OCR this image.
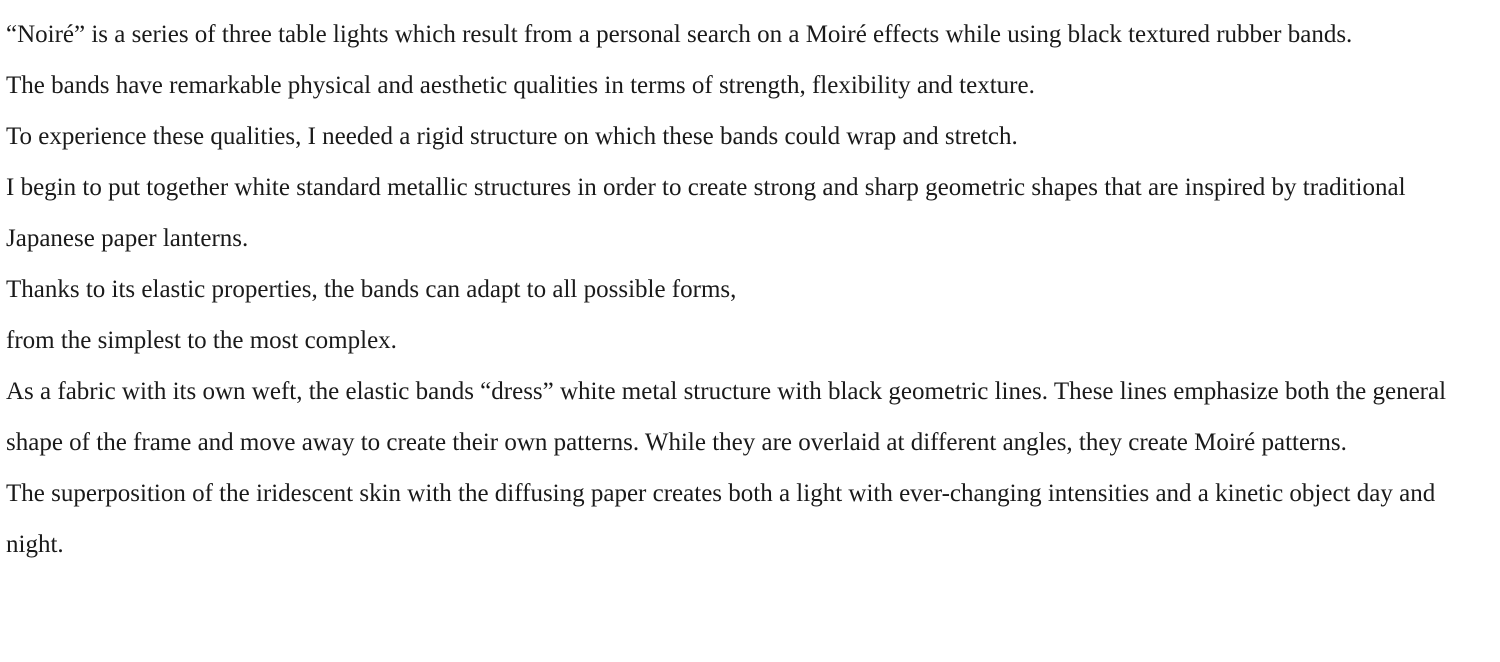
“Noiré” is a series of three table lights which result from a personal search on a Moiré effects while using black textured rubber bands.

The bands have remarkable physical and aesthetic qualities in terms of strength, flexibility and texture.

To experience these qualities, I needed a rigid structure on which these bands could wrap and stretch.

I begin to put together white standard metallic structures in order to create strong and sharp geometric shapes that are inspired by traditional Japanese paper lanterns.

Thanks to its elastic properties, the bands can adapt to all possible forms,

from the simplest to the most complex.

As a fabric with its own weft, the elastic bands “dress” white metal structure with black geometric lines. These lines emphasize both the general shape of the frame and move away to create their own patterns. While they are overlaid at different angles, they create Moiré patterns.

The superposition of the iridescent skin with the diffusing paper creates both a light with ever-changing intensities and a kinetic object day and night.
